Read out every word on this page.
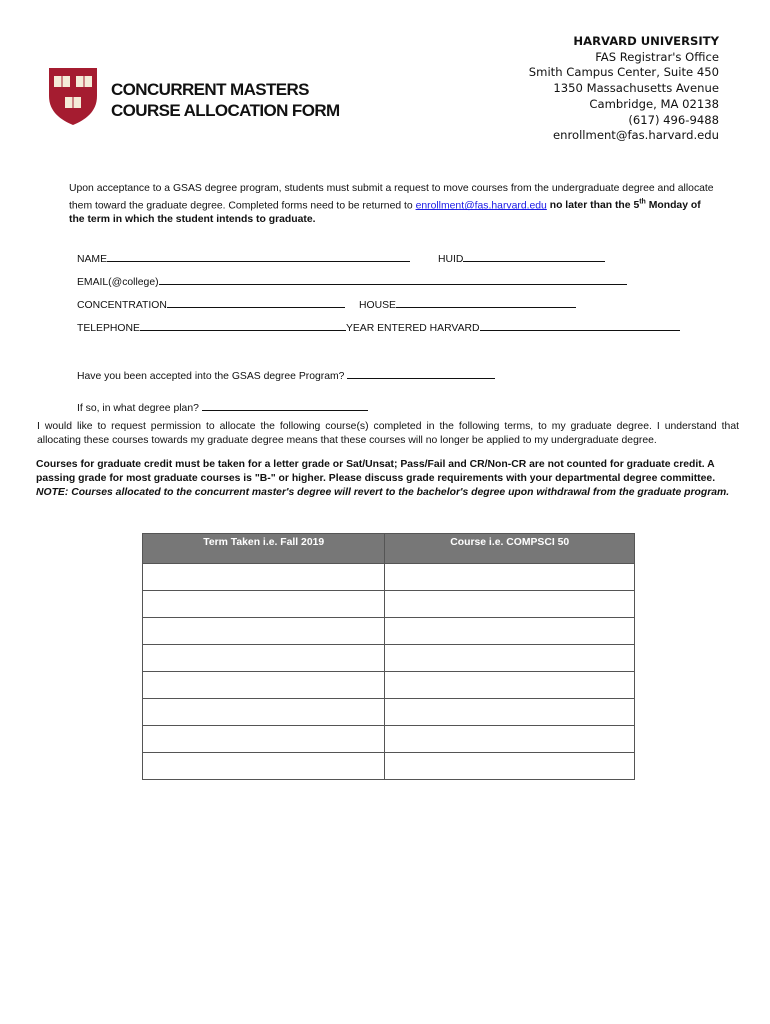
CONCURRENT MASTERS
COURSE ALLOCATION FORM
HARVARD UNIVERSITY
FAS Registrar's Office
Smith Campus Center, Suite 450
1350 Massachusetts Avenue
Cambridge, MA 02138
(617) 496-9488
enrollment@fas.harvard.edu
Upon acceptance to a GSAS degree program, students must submit a request to move courses from the undergraduate degree and allocate them toward the graduate degree. Completed forms need to be returned to enrollment@fas.harvard.edu no later than the 5th Monday of the term in which the student intends to graduate.
NAME	HUID
EMAIL(@college)
CONCENTRATION	HOUSE
TELEPHONE	YEAR ENTERED HARVARD
Have you been accepted into the GSAS degree Program?
If so, in what degree plan?
I would like to request permission to allocate the following course(s) completed in the following terms, to my graduate degree. I understand that allocating these courses towards my graduate degree means that these courses will no longer be applied to my undergraduate degree.
Courses for graduate credit must be taken for a letter grade or Sat/Unsat; Pass/Fail and CR/Non-CR are not counted for graduate credit. A passing grade for most graduate courses is "B-" or higher. Please discuss grade requirements with your departmental degree committee.
NOTE: Courses allocated to the concurrent master's degree will revert to the bachelor's degree upon withdrawal from the graduate program.
Term Taken i.e. Fall 2019	Course i.e. COMPSCI 50
